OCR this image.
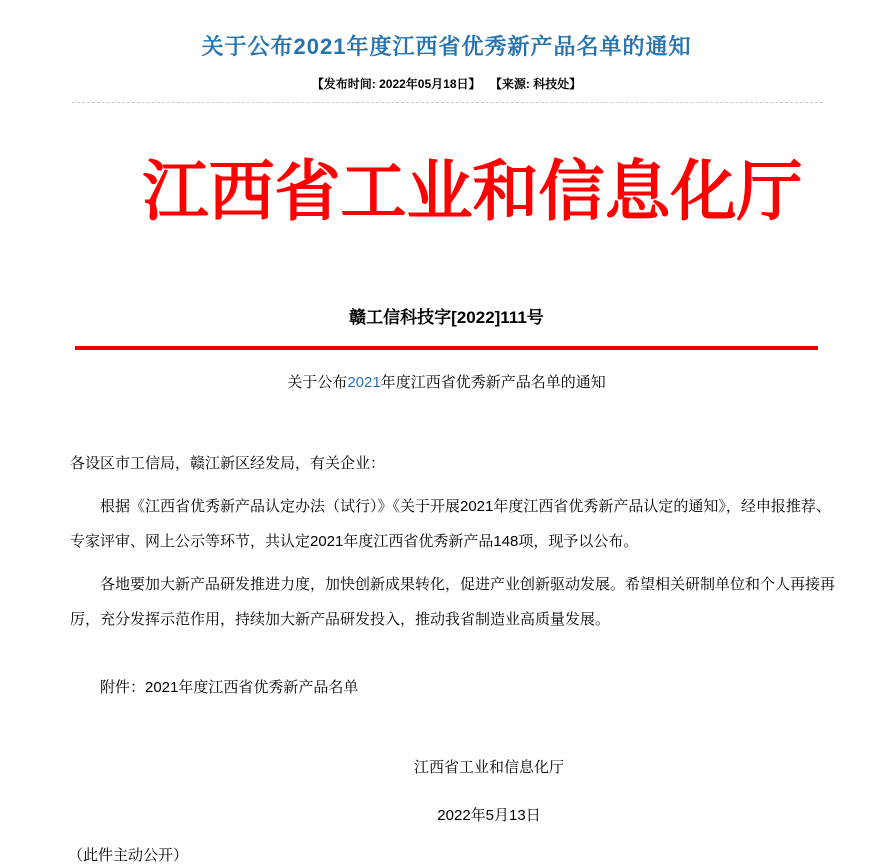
关于公布2021年度江西省优秀新产品名单的通知
【发布时间: 2022年05月18日】 【来源: 科技处】
江西省工业和信息化厅
赣工信科技字[2022]111号
关于公布2021年度江西省优秀新产品名单的通知

各设区市工信局，赣江新区经发局，有关企业：

根据《江西省优秀新产品认定办法（试行）》《关于开展2021年度江西省优秀新产品认定的通知》，经申报推荐、专家评审、网上公示等环节，共认定2021年度江西省优秀新产品148项，现予以公布。

各地要加大新产品研发推进力度，加快创新成果转化，促进产业创新驱动发展。希望相关研制单位和个人再接再厉，充分发挥示范作用，持续加大新产品研发投入，推动我省制造业高质量发展。

附件：2021年度江西省优秀新产品名单
江西省工业和信息化厅
2022年5月13日
（此件主动公开）
